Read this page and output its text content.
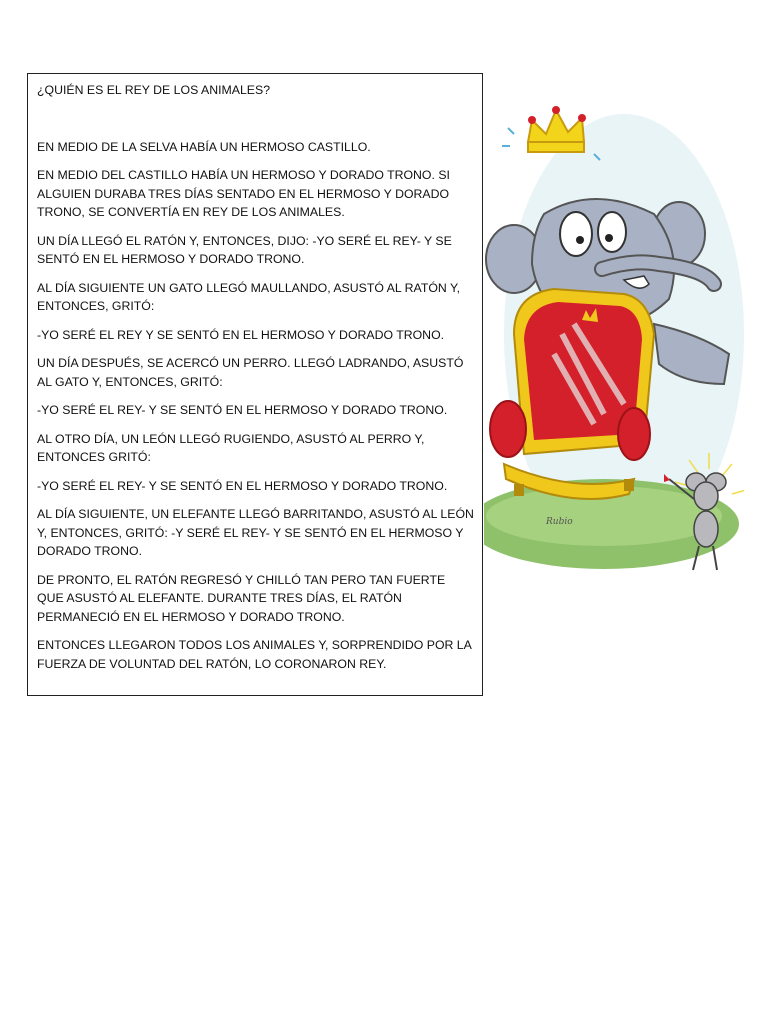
¿QUIÉN ES EL REY DE LOS ANIMALES?

EN MEDIO DE LA SELVA HABÍA UN HERMOSO CASTILLO.

EN MEDIO DEL CASTILLO HABÍA UN HERMOSO Y DORADO TRONO. SI ALGUIEN DURABA TRES DÍAS SENTADO EN EL HERMOSO Y DORADO TRONO, SE CONVERTÍA EN REY DE LOS ANIMALES.

UN DÍA LLEGÓ EL RATÓN Y, ENTONCES, DIJO: -YO SERÉ EL REY- Y SE SENTÓ EN EL HERMOSO Y DORADO TRONO.

AL DÍA SIGUIENTE UN GATO LLEGÓ MAULLANDO, ASUSTÓ AL RATÓN Y, ENTONCES, GRITÓ:

-YO SERÉ EL REY Y SE SENTÓ EN EL HERMOSO Y DORADO TRONO.

UN DÍA DESPUÉS, SE ACERCÓ UN PERRO. LLEGÓ LADRANDO, ASUSTÓ AL GATO Y, ENTONCES, GRITÓ:

-YO SERÉ EL REY- Y SE SENTÓ EN EL HERMOSO Y DORADO TRONO.

AL OTRO DÍA, UN LEÓN LLEGÓ RUGIENDO, ASUSTÓ AL PERRO Y, ENTONCES GRITÓ:

-YO SERÉ EL REY- Y SE SENTÓ EN EL HERMOSO Y DORADO TRONO.

AL DÍA SIGUIENTE, UN ELEFANTE LLEGÓ BARRITANDO, ASUSTÓ AL LEÓN Y, ENTONCES, GRITÓ: -Y SERÉ EL REY- Y SE SENTÓ EN EL HERMOSO Y DORADO TRONO.

DE PRONTO, EL RATÓN REGRESÓ Y CHILLÓ TAN PERO TAN FUERTE QUE ASUSTÓ AL ELEFANTE. DURANTE TRES DÍAS, EL RATÓN PERMANECIÓ EN EL HERMOSO Y DORADO TRONO.

ENTONCES LLEGARON TODOS LOS ANIMALES Y, SORPRENDIDO POR LA FUERZA DE VOLUNTAD DEL RATÓN, LO CORONARON REY.

Rubio
